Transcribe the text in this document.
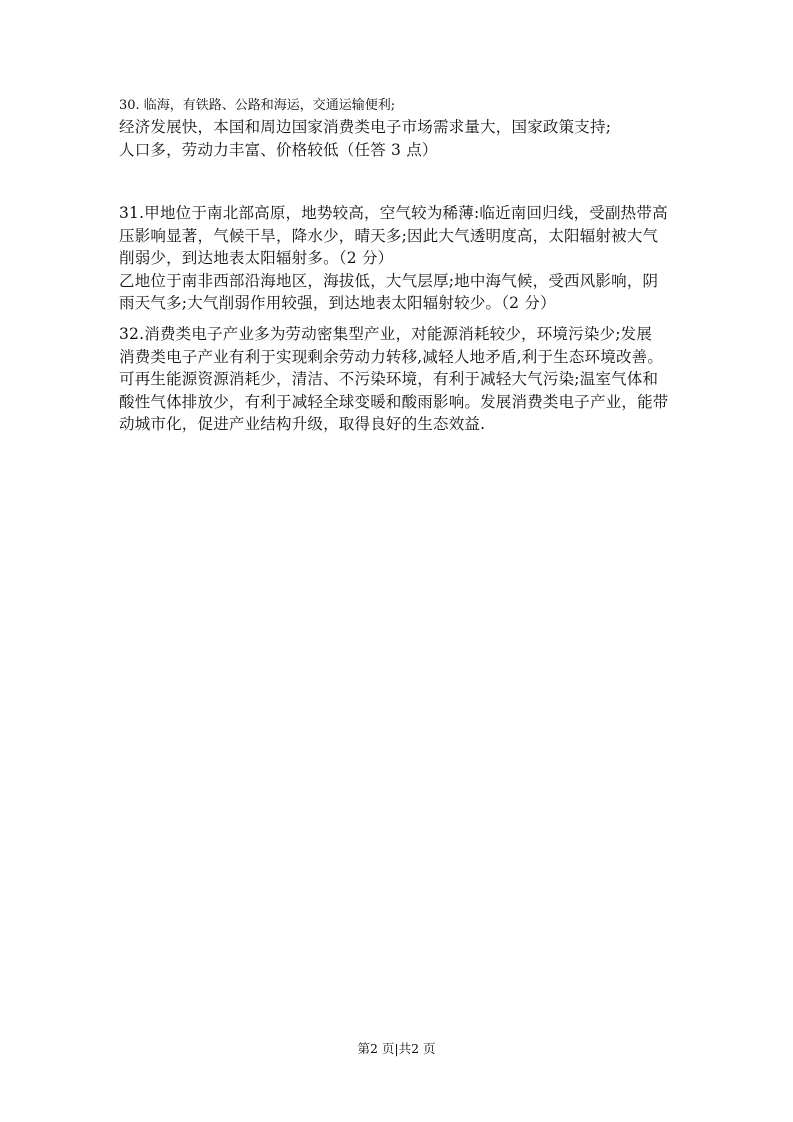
30. 临海，有铁路、公路和海运，交通运输便利;
经济发展快，本国和周边国家消费类电子市场需求量大，国家政策支持;
人口多，劳动力丰富、价格较低（任答 3 点）
31.甲地位于南北部高原，地势较高，空气较为稀薄:临近南回归线，受副热带高
压影响显著，气候干旱，降水少，晴天多;因此大气透明度高，太阳辐射被大气
削弱少，到达地表太阳辐射多。（2 分）
乙地位于南非西部沿海地区，海拔低，大气层厚;地中海气候，受西风影响，阴
雨天气多;大气削弱作用较强，到达地表太阳辐射较少。（2 分）
32.消费类电子产业多为劳动密集型产业，对能源消耗较少，环境污染少;发展
消费类电子产业有利于实现剩余劳动力转移,减轻人地矛盾,利于生态环境改善。
可再生能源资源消耗少，清洁、不污染环境，有利于减轻大气污染;温室气体和
酸性气体排放少，有利于减轻全球变暖和酸雨影响。发展消费类电子产业，能带
动城市化，促进产业结构升级，取得良好的生态效益.
第2 页|共2 页
